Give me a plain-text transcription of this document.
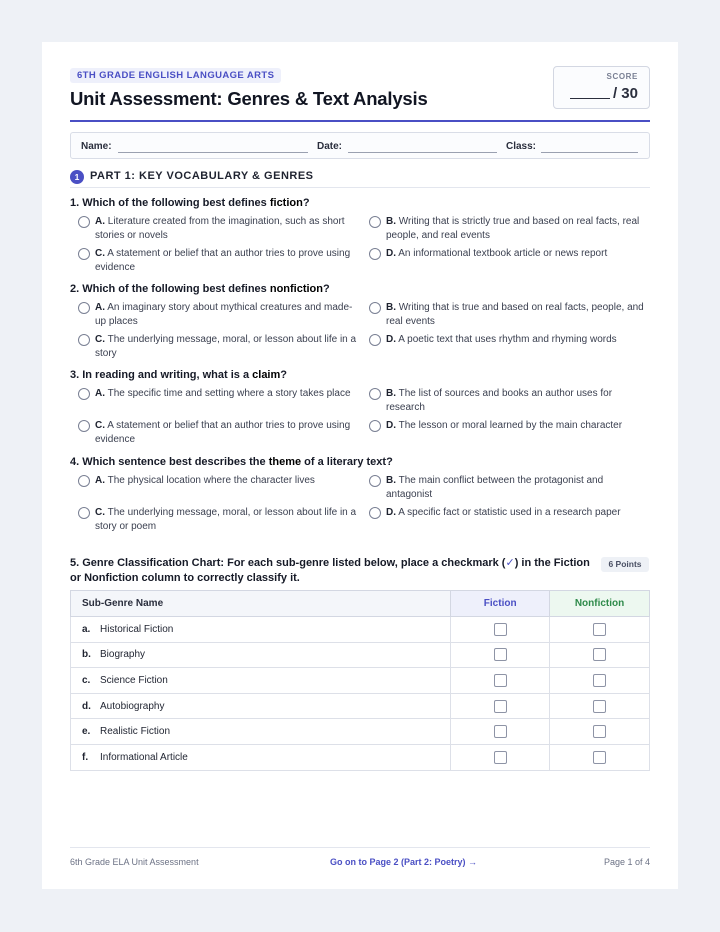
6TH GRADE ENGLISH LANGUAGE ARTS
Unit Assessment: Genres & Text Analysis
SCORE
/ 30
Name:	Date:	Class:
1 PART 1: KEY VOCABULARY & GENRES
1. Which of the following best defines fiction?
A. Literature created from the imagination, such as short stories or novels
B. Writing that is strictly true and based on real facts, real people, and real events
C. A statement or belief that an author tries to prove using evidence
D. An informational textbook article or news report
2. Which of the following best defines nonfiction?
A. An imaginary story about mythical creatures and made-up places
B. Writing that is true and based on real facts, people, and real events
C. The underlying message, moral, or lesson about life in a story
D. A poetic text that uses rhythm and rhyming words
3. In reading and writing, what is a claim?
A. The specific time and setting where a story takes place	B. The list of sources and books an author uses for research
C. A statement or belief that an author tries to prove using evidence
D. The lesson or moral learned by the main character
4. Which sentence best describes the theme of a literary text?
A. The physical location where the character lives	B. The main conflict between the protagonist and antagonist
C. The underlying message, moral, or lesson about life in a story or poem
D. A specific fact or statistic used in a research paper
5. Genre Classification Chart: For each sub-genre listed below, place a checkmark (✓) in the Fiction or Nonfiction column to correctly classify it.
6 Points
Sub-Genre Name	Fiction	Nonfiction
a. Historical Fiction		
b. Biography		
c. Science Fiction		
d. Autobiography		
e. Realistic Fiction		
f. Informational Article		
6th Grade ELA Unit Assessment	Go on to Page 2 (Part 2: Poetry) →	Page 1 of 4
